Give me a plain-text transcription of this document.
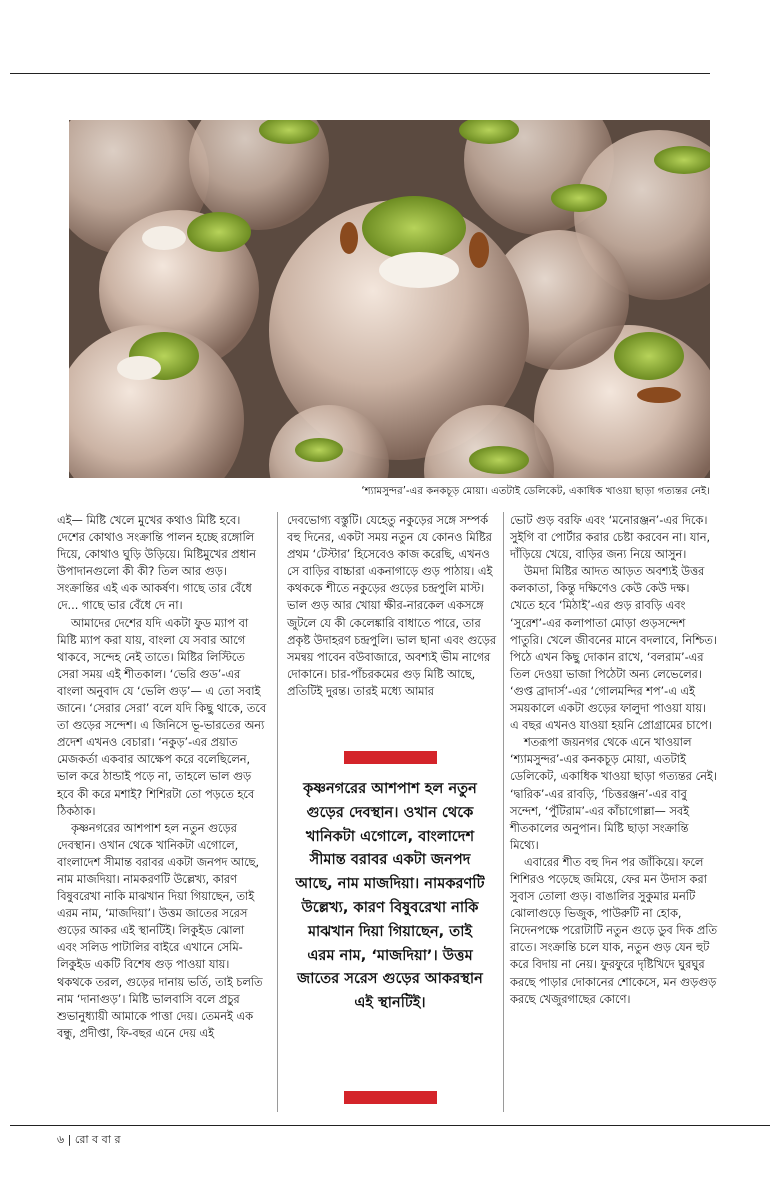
‘শ্যামসুন্দর’-এর কনকচূড় মোয়া। এতটাই ডেলিকেট, একাধিক খাওয়া ছাড়া গত্যন্তর নেই।

এই— মিষ্টি খেলে মুখের কথাও মিষ্টি হবে। দেশের কোথাও সংক্রান্তি পালন হচ্ছে রঙ্গোলি দিয়ে, কোথাও ঘুড়ি উড়িয়ে। মিষ্টিমুখের প্রধান উপাদানগুলো কী কী? তিল আর গুড়। সংক্রান্তির এই এক আকর্ষণ। গাছে তার বেঁধে দে... গাছে ভার বেঁধে দে না।

আমাদের দেশের যদি একটা ফুড ম্যাপ বা মিষ্টি ম্যাপ করা যায়, বাংলা যে সবার আগে থাকবে, সন্দেহ নেই তাতে। মিষ্টির লিস্টিতে সেরা সময় এই শীতকাল। ‘ভেরি গুড’-এর বাংলা অনুবাদ যে ‘ভেলি গুড়’— এ তো সবাই জানে। ‘সেরার সেরা’ বলে যদি কিছু থাকে, তবে তা গুড়ের সন্দেশ। এ জিনিসে ভূ-ভারতের অন্য প্রদেশ এখনও বেচারা। ‘নকুড়’-এর প্রয়াত মেজকর্তা একবার আক্ষেপ করে বলেছিলেন, ভাল করে ঠান্ডাই পড়ে না, তাহলে ভাল গুড় হবে কী করে মশাই? শিশিরটা তো পড়তে হবে ঠিকঠাক।

কৃষ্ণনগরের আশপাশ হল নতুন গুড়ের দেবস্থান। ওখান থেকে খানিকটা এগোলে, বাংলাদেশ সীমান্ত বরাবর একটা জনপদ আছে, নাম মাজদিয়া। নামকরণটি উল্লেখ্য, কারণ বিষুবরেখা নাকি মাঝখান দিয়া গিয়াছেন, তাই এরম নাম, ‘মাজদিয়া’। উত্তম জাতের সরেস গুড়ের আকর এই স্থানটিই। লিকুইড ঝোলা এবং সলিড পাটালির বাইরে এখানে সেমি-লিকুইড একটি বিশেষ গুড় পাওয়া যায়। থকথকে তরল, গুড়ের দানায় ভর্তি, তাই চলতি নাম ‘দানাগুড়’। মিষ্টি ভালবাসি বলে প্রচুর শুভানুধ্যায়ী আমাকে পাত্তা দেয়। তেমনই এক বন্ধু, প্রদীপ্তা, ফি-বছর এনে দেয় এই

দেবভোগ্য বস্তুটি। যেহেতু নকুড়ের সঙ্গে সম্পর্ক বহু দিনের, একটা সময় নতুন যে কোনও মিষ্টির প্রথম ‘টেস্টার’ হিসেবেও কাজ করেছি, এখনও সে বাড়ির বাচ্চারা একনাগাড়ে গুড় পাঠায়। এই কথককে শীতে নকুড়ের গুড়ের চন্দ্রপুলি মাস্ট। ভাল গুড় আর খোয়া ক্ষীর-নারকেল একসঙ্গে জুটলে যে কী কেলেঙ্কারি বাধাতে পারে, তার প্রকৃষ্ট উদাহরণ চন্দ্রপুলি। ভাল ছানা এবং গুড়ের সমন্বয় পাবেন বউবাজারে, অবশ্যই ভীম নাগের দোকানে। চার-পাঁচরকমের গুড় মিষ্টি আছে, প্রতিটিই দুরন্ত। তারই মধ্যে আমার

কৃষ্ণনগরের আশপাশ হল নতুন গুড়ের দেবস্থান। ওখান থেকে খানিকটা এগোলে, বাংলাদেশ সীমান্ত বরাবর একটা জনপদ আছে, নাম মাজদিয়া। নামকরণটি উল্লেখ্য, কারণ বিষুবরেখা নাকি মাঝখান দিয়া গিয়াছেন, তাই এরম নাম, ‘মাজদিয়া’। উত্তম জাতের সরেস গুড়ের আকরস্থান এই স্থানটিই।

ভোট গুড় বরফি এবং ‘মনোরঞ্জন’-এর দিকে। সুইগি বা পোর্টার করার চেষ্টা করবেন না। যান, দাঁড়িয়ে খেয়ে, বাড়ির জন্য নিয়ে আসুন।

উমদা মিষ্টির আদত আড়ত অবশ্যই উত্তর কলকাতা, কিন্তু দক্ষিণেও কেউ কেউ দক্ষ। খেতে হবে ‘মিঠাই’-এর গুড় রাবড়ি এবং ‘সুরেশ’-এর কলাপাতা মোড়া গুড়সন্দেশ পাতুরি। খেলে জীবনের মানে বদলাবে, নিশ্চিত। পিঠে এখন কিছু দোকান রাখে, ‘বলরাম’-এর তিল দেওয়া ভাজা পিঠেটা অন্য লেভেলের। ‘গুপ্ত ব্রাদার্স’-এর ‘গোলমন্দির শপ’-এ এই সময়কালে একটা গুড়ের ফালুদা পাওয়া যায়। এ বছর এখনও যাওয়া হয়নি প্রোগ্রামের চাপে।

শতরূপা জয়নগর থেকে এনে খাওয়াল ‘শ্যামসুন্দর’-এর কনকচূড় মোয়া, এতটাই ডেলিকেট, একাধিক খাওয়া ছাড়া গত্যন্তর নেই। ‘দ্বারিক’-এর রাবড়ি, ‘চিত্তরঞ্জন’-এর বাবু সন্দেশ, ‘পুঁটিরাম’-এর কাঁচাগোল্লা— সবই শীতকালের অনুপান। মিষ্টি ছাড়া সংক্রান্তি মিথ্যে।

এবারের শীত বহু দিন পর জাঁকিয়ে। ফলে শিশিরও পড়েছে জমিয়ে, ফের মন উদাস করা সুবাস তোলা গুড়। বাঙালির সুকুমার মনটি ঝোলাগুড়ে ভিজুক, পাউরুটি না হোক, নিদেনপক্ষে পরোটাটি নতুন গুড়ে ডুব দিক প্রতি রাতে। সংক্রান্তি চলে যাক, নতুন গুড় যেন হুট করে বিদায় না নেয়। ফুরফুরে দৃষ্টিখিদে ঘুরঘুর করছে পাড়ার দোকানের শোকেসে, মন গুড়গুড় করছে খেজুরগাছের কোণে।

৬ | রো ব বা র
